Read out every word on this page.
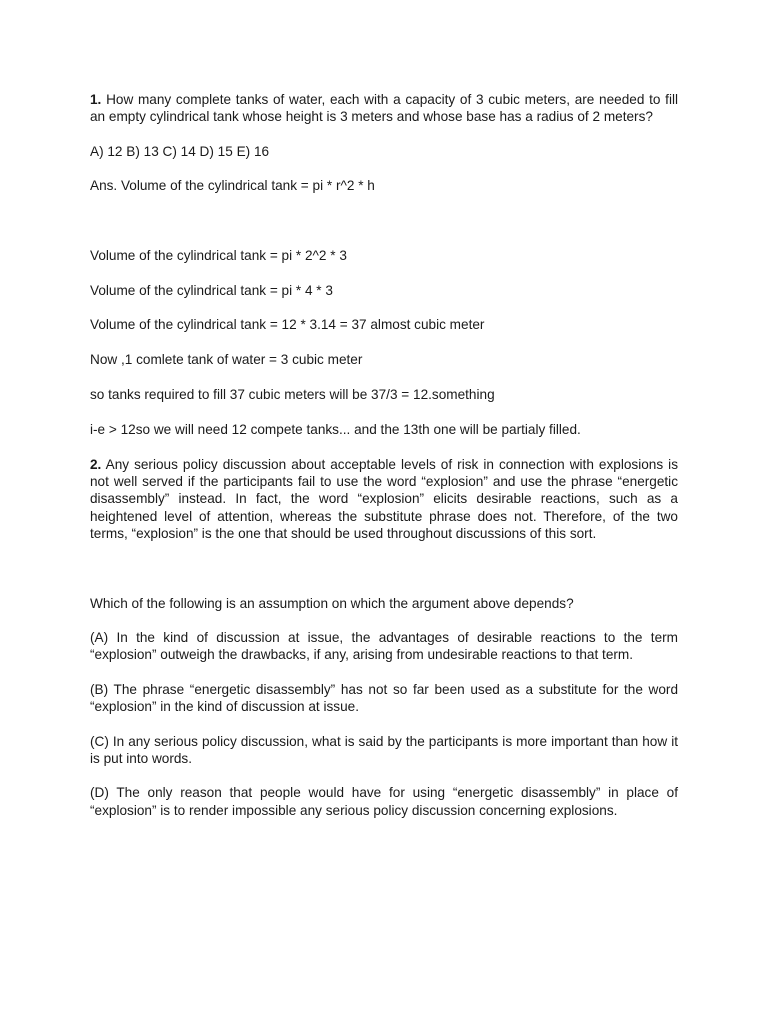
1. How many complete tanks of water, each with a capacity of 3 cubic meters, are needed to fill an empty cylindrical tank whose height is 3 meters and whose base has a radius of 2 meters?

A) 12 B) 13 C) 14 D) 15 E) 16

Ans. Volume of the cylindrical tank = pi * r^2 * h

Volume of the cylindrical tank = pi * 2^2 * 3

Volume of the cylindrical tank = pi * 4 * 3

Volume of the cylindrical tank = 12 * 3.14 = 37 almost cubic meter

Now ,1 comlete tank of water = 3 cubic meter

so tanks required to fill 37 cubic meters will be 37/3 = 12.something

i-e > 12so we will need 12 compete tanks... and the 13th one will be partialy filled.

2. Any serious policy discussion about acceptable levels of risk in connection with explosions is not well served if the participants fail to use the word “explosion” and use the phrase “energetic disassembly” instead. In fact, the word “explosion” elicits desirable reactions, such as a heightened level of attention, whereas the substitute phrase does not. Therefore, of the two terms, “explosion” is the one that should be used throughout discussions of this sort.

Which of the following is an assumption on which the argument above depends?

(A) In the kind of discussion at issue, the advantages of desirable reactions to the term “explosion” outweigh the drawbacks, if any, arising from undesirable reactions to that term.

(B) The phrase “energetic disassembly” has not so far been used as a substitute for the word “explosion” in the kind of discussion at issue.

(C) In any serious policy discussion, what is said by the participants is more important than how it is put into words.

(D) The only reason that people would have for using “energetic disassembly” in place of “explosion” is to render impossible any serious policy discussion concerning explosions.
